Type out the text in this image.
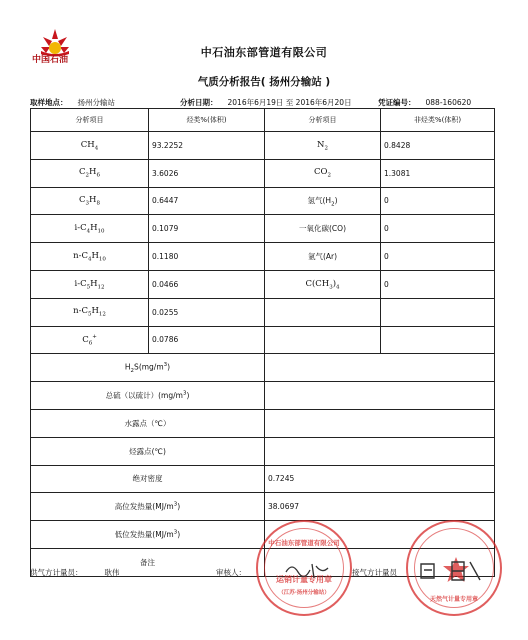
中国石油
中石油东部管道有限公司
气质分析报告( 扬州分输站 )
取样地点： 扬州分输站	分析日期： 2016年6月19日 至 2016年6月20日	凭证编号： 088-160620
分析项目	烃类%(体积)	分析项目	非烃类%(体积)
$CH_4$	93.2252	$N_2$	0.8428
$C_2H_6$	3.6026	$CO_2$	1.3081
$C_3H_8$	0.6447	氢气$(H_2)$	0
$i-C_4H_{10}$	0.1079	一氧化碳(CO)	0
$n-C_4H_{10}$	0.1180	氩气(Ar)	0
$i-C_5H_{12}$	0.0466	$C(CH_3)_4$	0
$n-C_5H_{12}$	0.0255		
$C_6^+$	0.0786		
$H_2S(mg/m^3)$			
总硫（以硫计）$(mg/m^3)$			
水露点（℃）			
烃露点(℃)			
绝对密度		0.7245	
高位发热量$(MJ/m^3)$		38.0697	
低位发热量$(MJ/m^3)$			
备注			
供气方计量员：	耿伟	审核人：	接气方计量员
中石油东部管道有限公司
运销计量专用章
（江苏·扬州分输站）
天然气计量专用章
